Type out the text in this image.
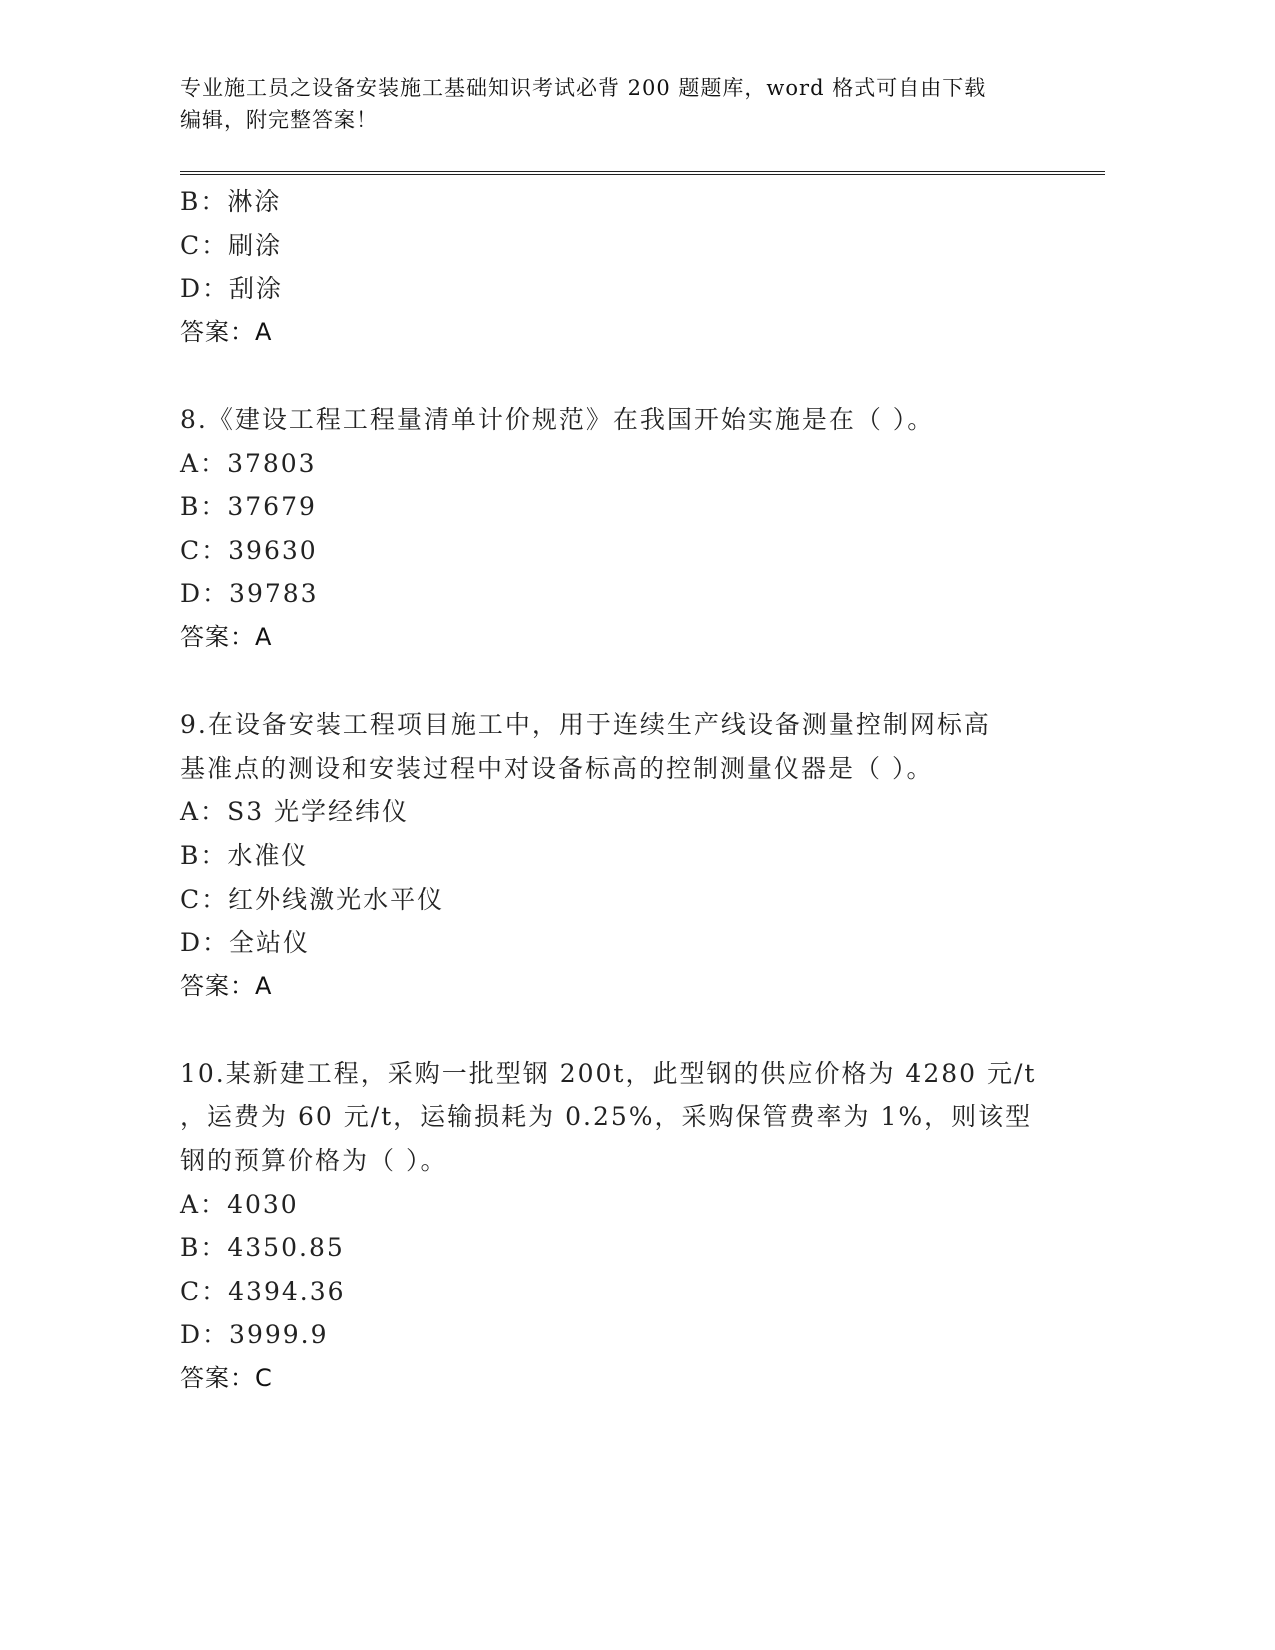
专业施工员之设备安装施工基础知识考试必背 200 题题库，word 格式可自由下载
编辑，附完整答案！
B：淋涂
C：刷涂
D：刮涂
答案：A
8.《建设工程工程量清单计价规范》在我国开始实施是在（ ）。
A：37803
B：37679
C：39630
D：39783
答案：A
9.在设备安装工程项目施工中，用于连续生产线设备测量控制网标高
基准点的测设和安装过程中对设备标高的控制测量仪器是（ ）。
A：S3 光学经纬仪
B：水准仪
C：红外线激光水平仪
D：全站仪
答案：A
10.某新建工程，采购一批型钢 200t，此型钢的供应价格为 4280 元/t
，运费为 60 元/t，运输损耗为 0.25%，采购保管费率为 1%，则该型
钢的预算价格为（ ）。
A：4030
B：4350.85
C：4394.36
D：3999.9
答案：C
